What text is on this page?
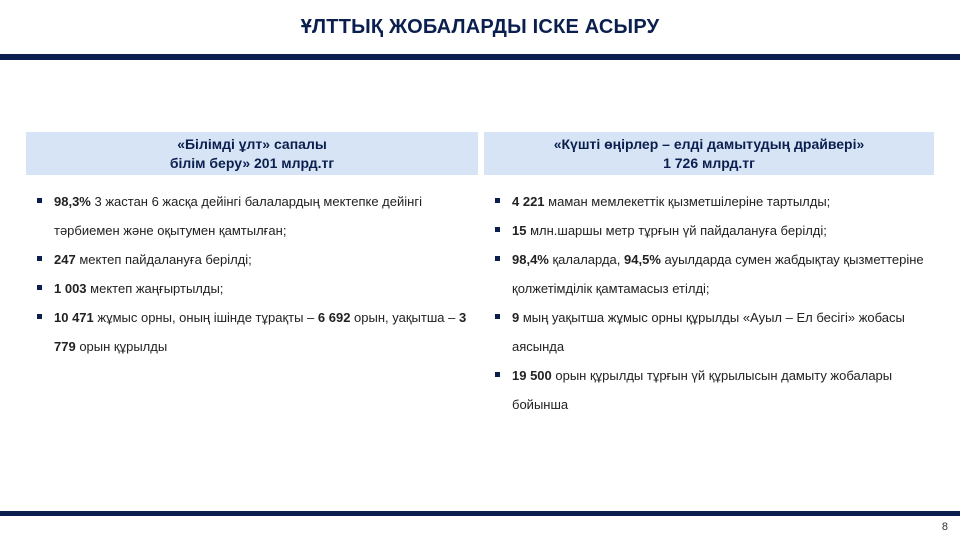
ҰЛТТЫҚ ЖОБАЛАРДЫ ІСКЕ АСЫРУ
«Білімді ұлт» сапалы
білім беру» 201 млрд.тг
98,3% 3 жастан 6 жасқа дейінгі балалардың мектепке дейінгі тәрбиемен және оқытумен қамтылған;
247 мектеп пайдалануға берілді;
1 003 мектеп жаңғыртылды;
10 471 жұмыс орны, оның ішінде тұрақты – 6 692 орын, уақытша – 3 779 орын құрылды
«Күшті өңірлер – елді дамытудың драйвері»
1 726 млрд.тг
4 221 маман мемлекеттік қызметшілеріне тартылды;
15 млн.шаршы метр тұрғын үй пайдалануға берілді;
98,4% қалаларда, 94,5% ауылдарда сумен жабдықтау қызметтеріне қолжетімділік қамтамасыз етілді;
9 мың уақытша жұмыс орны құрылды «Ауыл – Ел бесігі» жобасы аясында
19 500 орын құрылды тұрғын үй құрылысын дамыту жобалары бойынша
8
